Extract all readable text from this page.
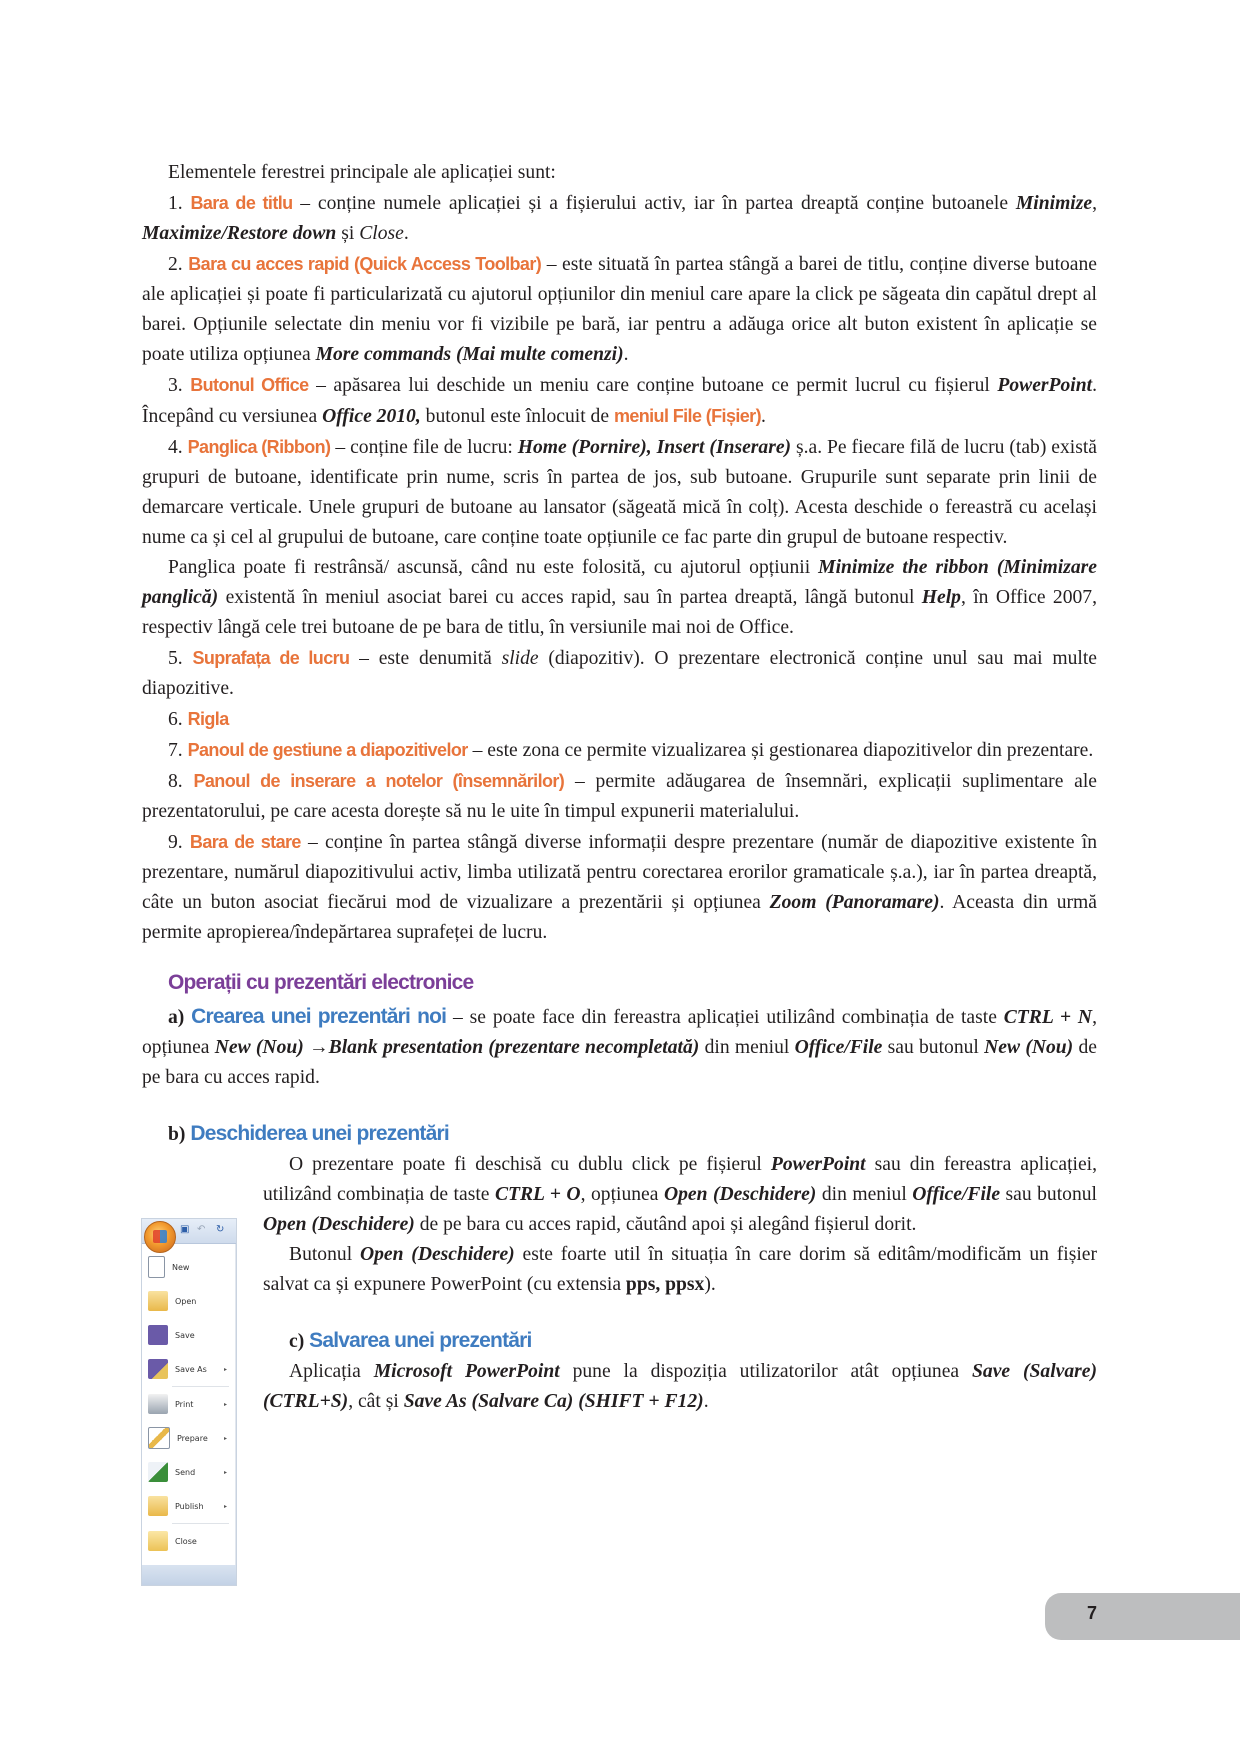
Elementele ferestrei principale ale aplicației sunt:

1. Bara de titlu – conține numele aplicației și a fișierului activ, iar în partea dreaptă conține butoanele Minimize, Maximize/Restore down și Close.

2. Bara cu acces rapid (Quick Access Toolbar) – este situată în partea stângă a barei de titlu, conține diverse butoane ale aplicației și poate fi particularizată cu ajutorul opțiunilor din meniul care apare la click pe săgeata din capătul drept al barei. Opțiunile selectate din meniu vor fi vizibile pe bară, iar pentru a adăuga orice alt buton existent în aplicație se poate utiliza opțiunea More commands (Mai multe comenzi).

3. Butonul Office – apăsarea lui deschide un meniu care conține butoane ce permit lucrul cu fișierul PowerPoint. Începând cu versiunea Office 2010, butonul este înlocuit de meniul File (Fișier).

4. Panglica (Ribbon) – conține file de lucru: Home (Pornire), Insert (Inserare) ș.a. Pe fiecare filă de lucru (tab) există grupuri de butoane, identificate prin nume, scris în partea de jos, sub butoane. Grupurile sunt separate prin linii de demarcare verticale. Unele grupuri de butoane au lansator (săgeată mică în colț). Acesta deschide o fereastră cu același nume ca și cel al grupului de butoane, care conține toate opțiunile ce fac parte din grupul de butoane respectiv.

Panglica poate fi restrânsă/ ascunsă, când nu este folosită, cu ajutorul opțiunii Minimize the ribbon (Minimizare panglică) existentă în meniul asociat barei cu acces rapid, sau în partea dreaptă, lângă butonul Help, în Office 2007, respectiv lângă cele trei butoane de pe bara de titlu, în versiunile mai noi de Office.

5. Suprafața de lucru – este denumită slide (diapozitiv). O prezentare electronică conține unul sau mai multe diapozitive.

6. Rigla

7. Panoul de gestiune a diapozitivelor – este zona ce permite vizualizarea și gestionarea diapozitivelor din prezentare.

8. Panoul de inserare a notelor (însemnărilor) – permite adăugarea de însemnări, explicații suplimentare ale prezentatorului, pe care acesta dorește să nu le uite în timpul expunerii materialului.

9. Bara de stare – conține în partea stângă diverse informații despre prezentare (număr de diapozitive existente în prezentare, numărul diapozitivului activ, limba utilizată pentru corectarea erorilor gramaticale ș.a.), iar în partea dreaptă, câte un buton asociat fiecărui mod de vizualizare a prezentării și opțiunea Zoom (Panoramare). Aceasta din urmă permite apropierea/îndepărtarea suprafeței de lucru.

Operații cu prezentări electronice

a) Crearea unei prezentări noi – se poate face din fereastra aplicației utilizând combinația de taste CTRL + N, opțiunea New (Nou) →Blank presentation (prezentare necompletată) din meniul Office/File sau butonul New (Nou) de pe bara cu acces rapid.

b) Deschiderea unei prezentări

O prezentare poate fi deschisă cu dublu click pe fișierul PowerPoint sau din fereastra aplicației, utilizând combinația de taste CTRL + O, opțiunea Open (Deschidere) din meniul Office/File sau butonul Open (Deschidere) de pe bara cu acces rapid, căutând apoi și alegând fișierul dorit.

Butonul Open (Deschidere) este foarte util în situația în care dorim să editâm/modificăm un fișier salvat ca și expunere PowerPoint (cu extensia pps, ppsx).

c) Salvarea unei prezentări

Aplicația Microsoft PowerPoint pune la dispoziția utilizatorilor atât opțiunea Save (Salvare) (CTRL+S), cât și Save As (Salvare Ca) (SHIFT + F12).

▣ ↶ ↻
New
Open
Save
Save As	▸
Print	▸
Prepare	▸
Send	▸
Publish	▸
Close
7
